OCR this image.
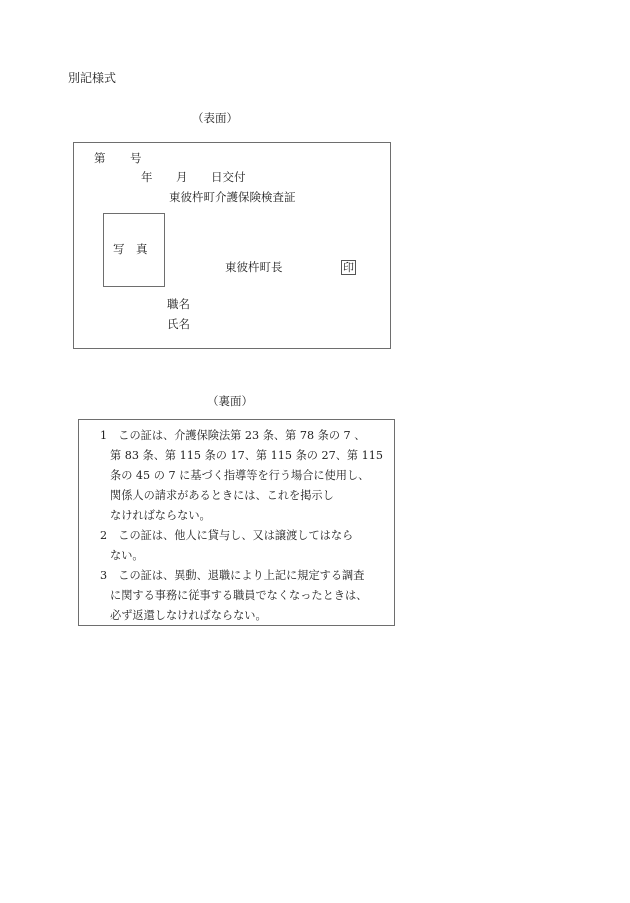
別記様式
（表面）
第 号
年 月 日交付
東彼杵町介護保険検査証
写 真
東彼杵町長	印
職名
氏名
（裏面）
1　この証は、介護保険法第 23 条、第 78 条の 7 、
第 83 条、第 115 条の 17、第 115 条の 27、第 115
条の 45 の 7 に基づく指導等を行う場合に使用し、
関係人の請求があるときには、これを掲示し
なければならない。
2　この証は、他人に貸与し、又は譲渡してはなら
ない。
3　この証は、異動、退職により上記に規定する調査
に関する事務に従事する職員でなくなったときは、
必ず返還しなければならない。
